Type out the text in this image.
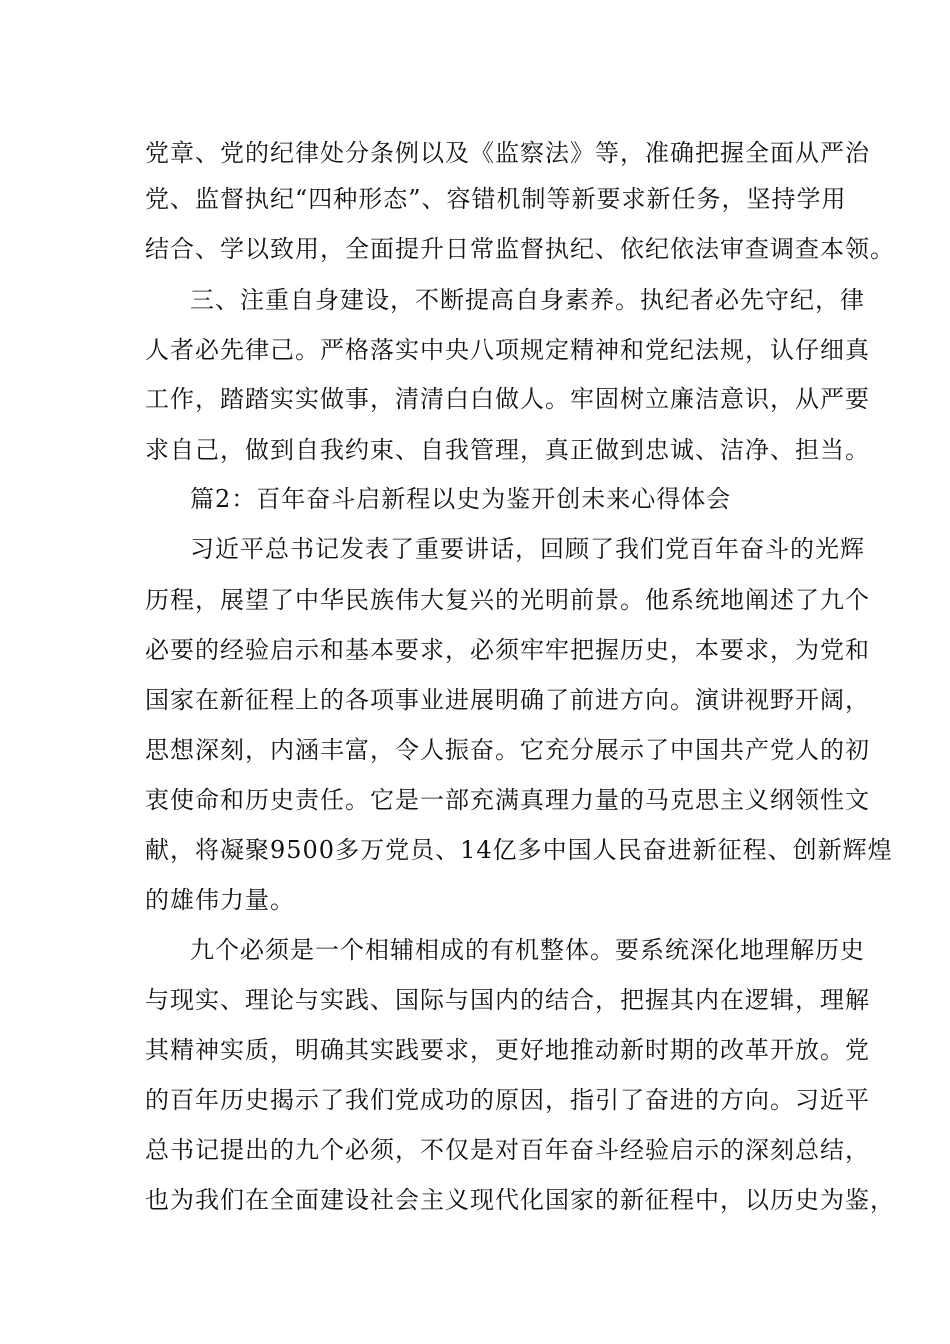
党章、党的纪律处分条例以及《监察法》等，准确把握全面从严治
党、监督执纪“四种形态”、容错机制等新要求新任务，坚持学用
结合、学以致用，全面提升日常监督执纪、依纪依法审查调查本领。
三、注重自身建设，不断提高自身素养。执纪者必先守纪，律
人者必先律己。严格落实中央八项规定精神和党纪法规，认仔细真
工作，踏踏实实做事，清清白白做人。牢固树立廉洁意识，从严要
求自己，做到自我约束、自我管理，真正做到忠诚、洁净、担当。
篇2：百年奋斗启新程以史为鉴开创未来心得体会
习近平总书记发表了重要讲话，回顾了我们党百年奋斗的光辉
历程，展望了中华民族伟大复兴的光明前景。他系统地阐述了九个
必要的经验启示和基本要求，必须牢牢把握历史，本要求，为党和
国家在新征程上的各项事业进展明确了前进方向。演讲视野开阔，
思想深刻，内涵丰富，令人振奋。它充分展示了中国共产党人的初
衷使命和历史责任。它是一部充满真理力量的马克思主义纲领性文
献，将凝聚9500多万党员、14亿多中国人民奋进新征程、创新辉煌
的雄伟力量。
九个必须是一个相辅相成的有机整体。要系统深化地理解历史
与现实、理论与实践、国际与国内的结合，把握其内在逻辑，理解
其精神实质，明确其实践要求，更好地推动新时期的改革开放。党
的百年历史揭示了我们党成功的原因，指引了奋进的方向。习近平
总书记提出的九个必须，不仅是对百年奋斗经验启示的深刻总结，
也为我们在全面建设社会主义现代化国家的新征程中，以历史为鉴，
